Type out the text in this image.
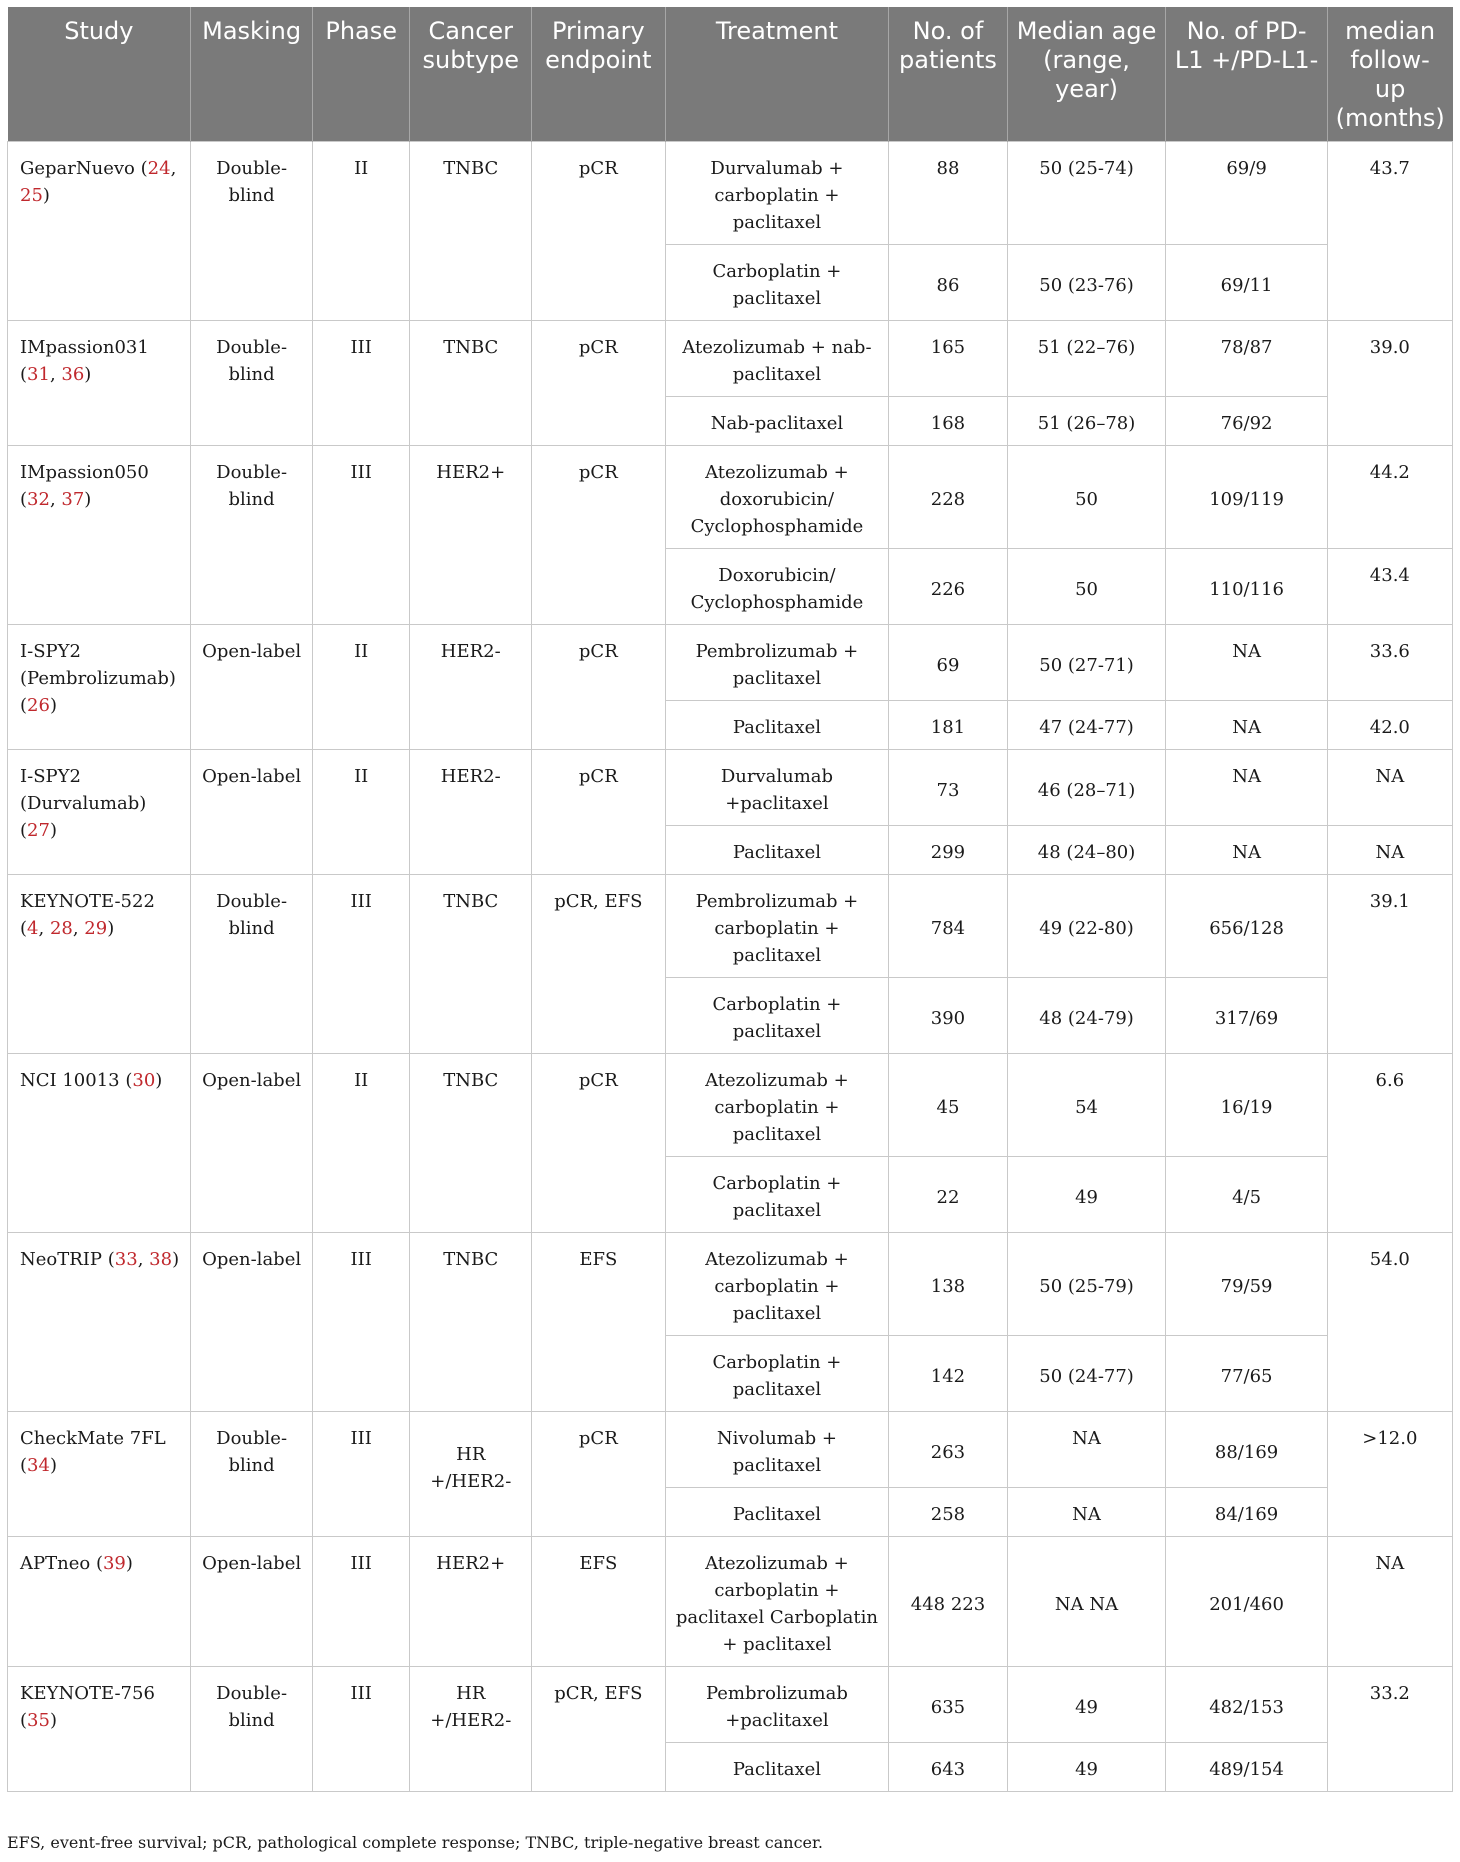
Study	Masking	Phase	Cancer subtype	Primary endpoint	Treatment	No. of patients	Median age (range, year)	No. of PD-L1 +/PD-L1-	median follow-up (months)
GeparNuevo (24, 25)	Double-blind	II	TNBC	pCR	Durvalumab + carboplatin + paclitaxel	88	50 (25-74)	69/9	43.7
					Carboplatin + paclitaxel	86	50 (23-76)	69/11	
IMpassion031 (31, 36)	Double-blind	III	TNBC	pCR	Atezolizumab + nab-paclitaxel	165	51 (22–76)	78/87	39.0
					Nab-paclitaxel	168	51 (26–78)	76/92	
IMpassion050 (32, 37)	Double-blind	III	HER2+	pCR	Atezolizumab + doxorubicin/ Cyclophosphamide	228	50	109/119	44.2
					Doxorubicin/ Cyclophosphamide	226	50	110/116	43.4
I-SPY2 (Pembrolizumab) (26)	Open-label	II	HER2-	pCR	Pembrolizumab + paclitaxel	69	50 (27-71)	NA	33.6
					Paclitaxel	181	47 (24-77)	NA	42.0
I-SPY2 (Durvalumab) (27)	Open-label	II	HER2-	pCR	Durvalumab +paclitaxel	73	46 (28–71)	NA	NA
					Paclitaxel	299	48 (24–80)	NA	NA
KEYNOTE-522 (4, 28, 29)	Double-blind	III	TNBC	pCR, EFS	Pembrolizumab + carboplatin + paclitaxel	784	49 (22-80)	656/128	39.1
					Carboplatin + paclitaxel	390	48 (24-79)	317/69	
NCI 10013 (30)	Open-label	II	TNBC	pCR	Atezolizumab + carboplatin + paclitaxel	45	54	16/19	6.6
					Carboplatin + paclitaxel	22	49	4/5	
NeoTRIP (33, 38)	Open-label	III	TNBC	EFS	Atezolizumab + carboplatin + paclitaxel	138	50 (25-79)	79/59	54.0
					Carboplatin + paclitaxel	142	50 (24-77)	77/65	
CheckMate 7FL (34)	Double-blind	III	HR +/HER2-	pCR	Nivolumab + paclitaxel	263	NA	88/169	>12.0
					Paclitaxel	258	NA	84/169	
APTneo (39)	Open-label	III	HER2+	EFS	Atezolizumab + carboplatin + paclitaxel Carboplatin + paclitaxel	448 223	NA NA	201/460	NA
KEYNOTE-756 (35)	Double-blind	III	HR +/HER2-	pCR, EFS	Pembrolizumab +paclitaxel	635	49	482/153	33.2
					Paclitaxel	643	49	489/154	
EFS, event-free survival; pCR, pathological complete response; TNBC, triple-negative breast cancer.
